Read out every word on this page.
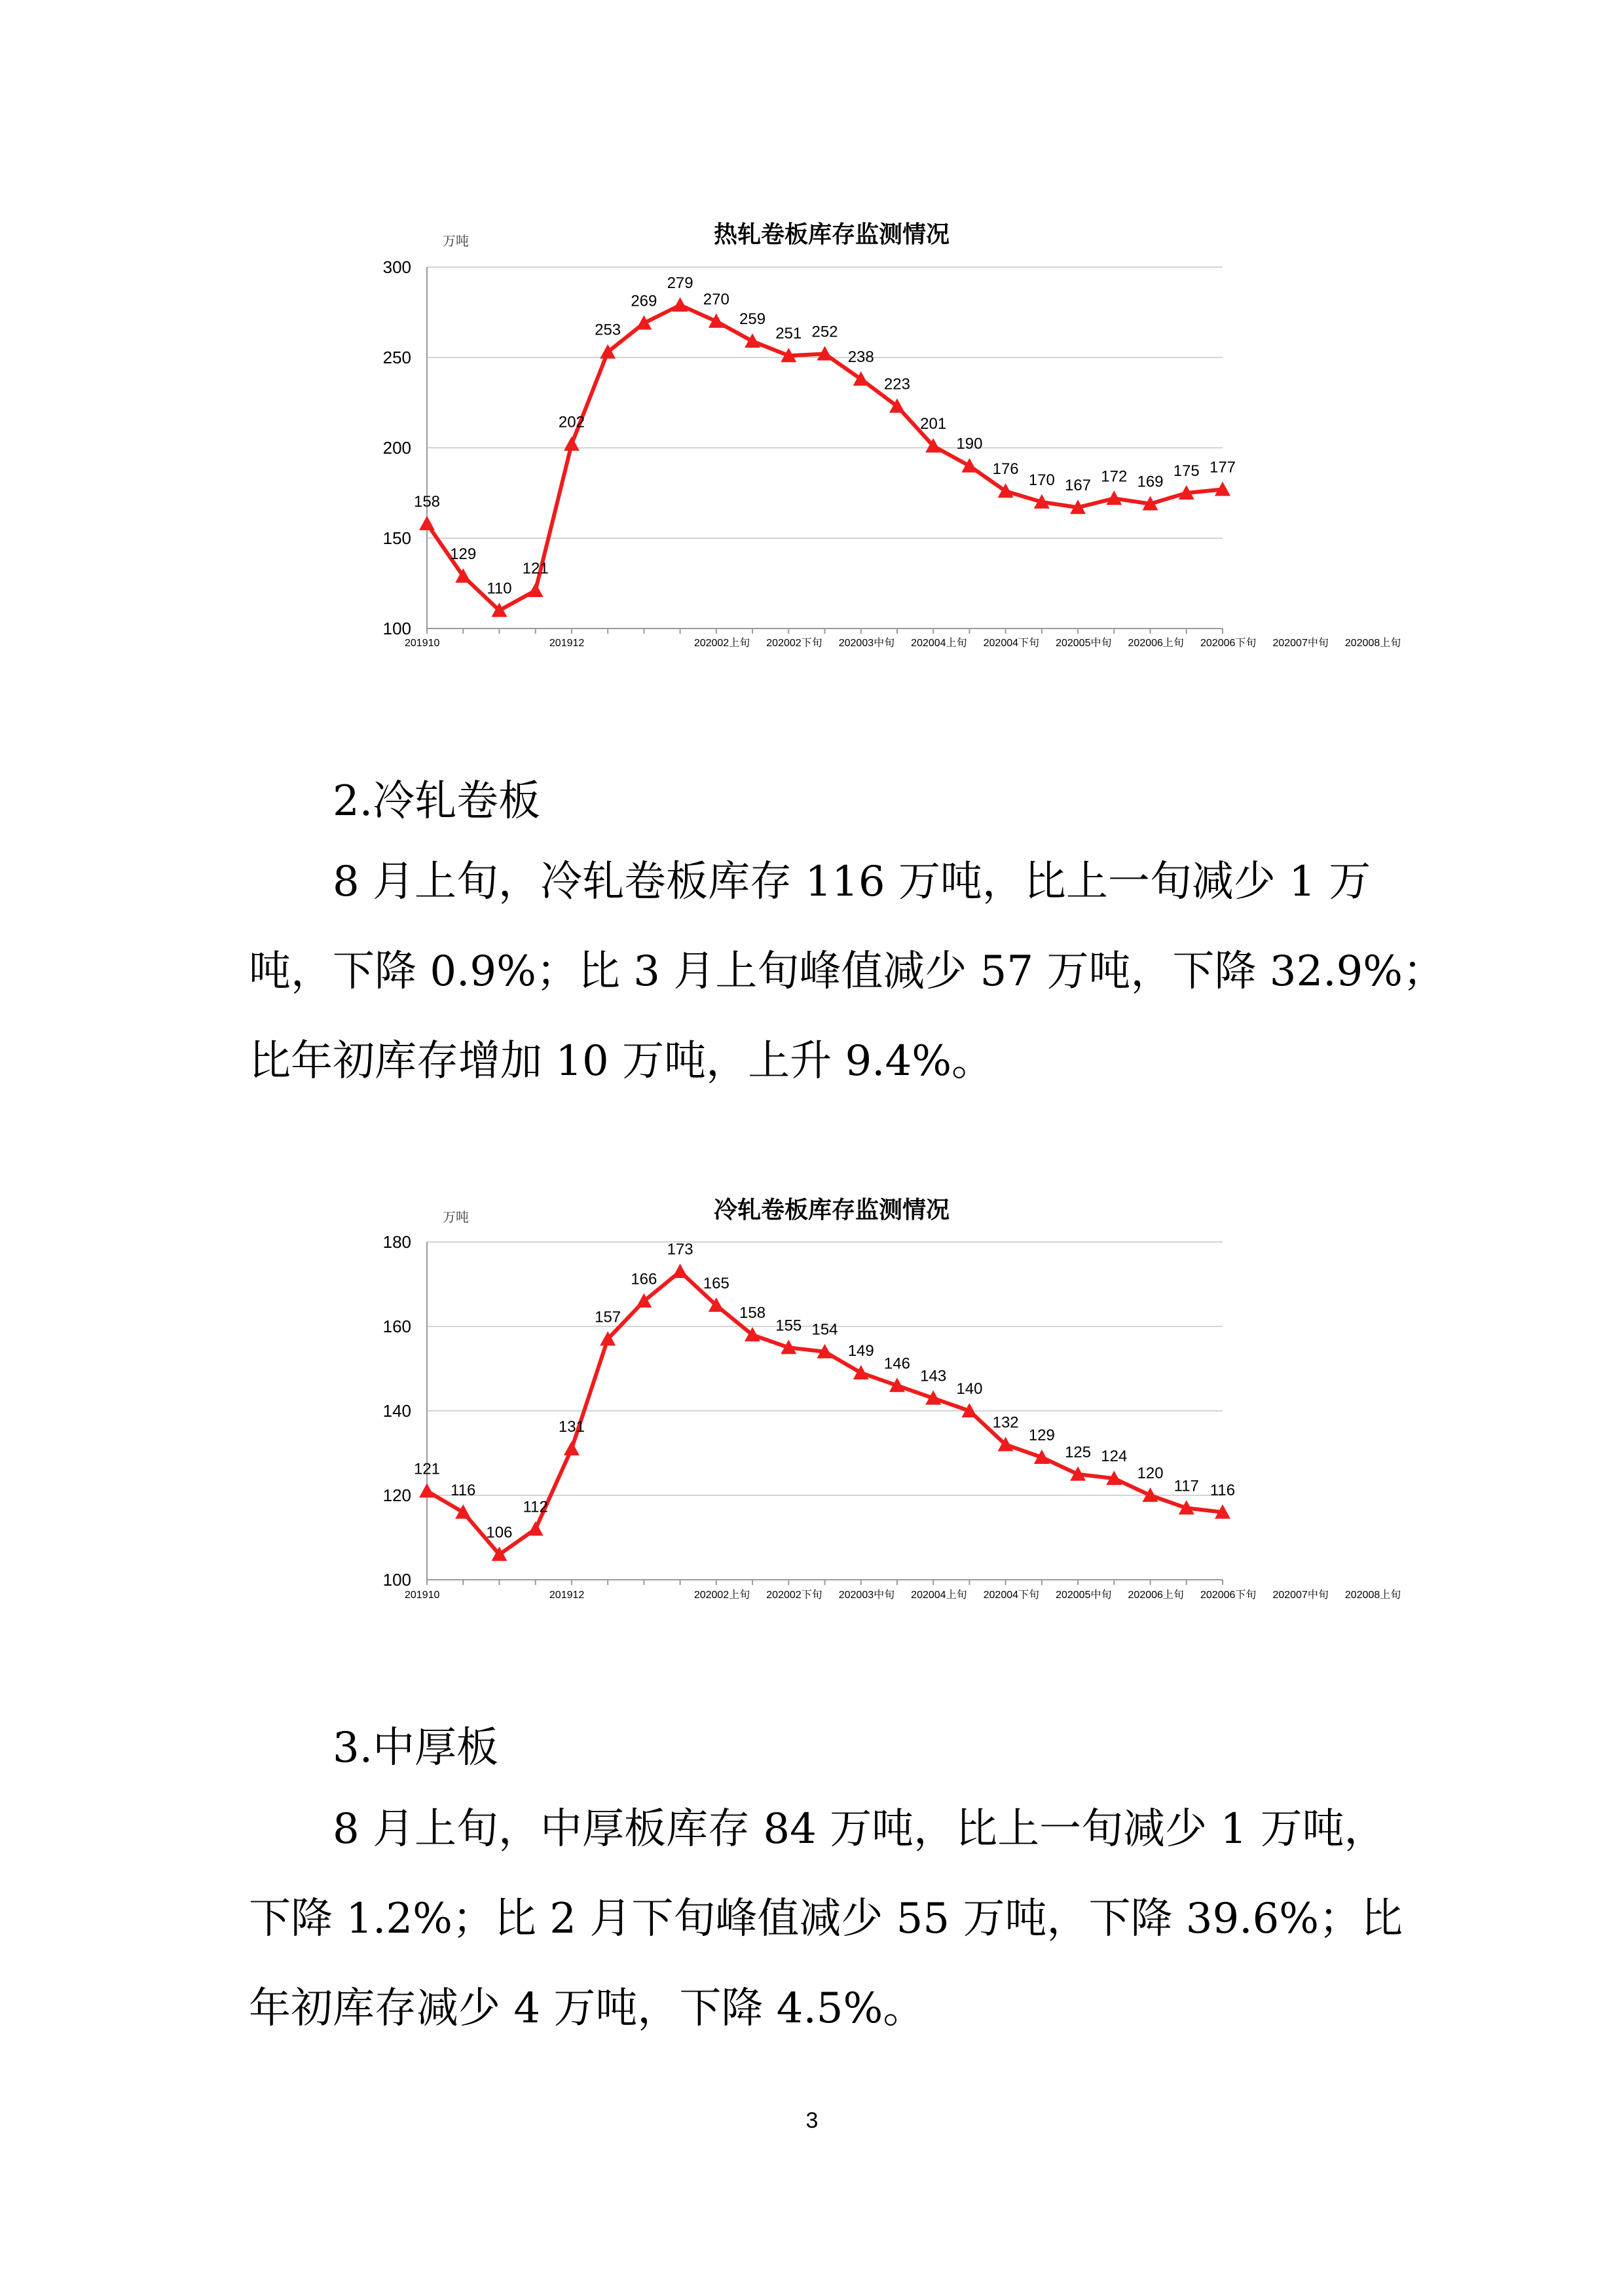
热轧卷板库存监测情况
万吨
300
250
200
150
100
201910	201912	202002上旬 202002下旬 202003中旬 202004上旬 202004下旬 202005中旬 202006上旬 202006下旬 202007中旬 202008上旬
158
129
110
121
202
253
269
279
270
259
251 252
238
223
201
190
176
170 167
172 169
175 177
2.冷轧卷板
8 月上旬，冷轧卷板库存 116 万吨，比上一旬减少 1 万
吨，下降 0.9%；比 3 月上旬峰值减少 57 万吨，下降 32.9%；
比年初库存增加 10 万吨，上升 9.4%。
冷轧卷板库存监测情况
万吨
180
160
140
120
100
201910	201912	202002上旬 202002下旬 202003中旬 202004上旬 202004下旬 202005中旬 202006上旬 202006下旬 202007中旬 202008上旬
121
116
106
112
131
157
166
173
165
158
155 154
149
146
143
140
132
129
125 124
120
117 116
3.中厚板
8 月上旬，中厚板库存 84 万吨，比上一旬减少 1 万吨，
下降 1.2%；比 2 月下旬峰值减少 55 万吨，下降 39.6%；比
年初库存减少 4 万吨，下降 4.5%。
3
